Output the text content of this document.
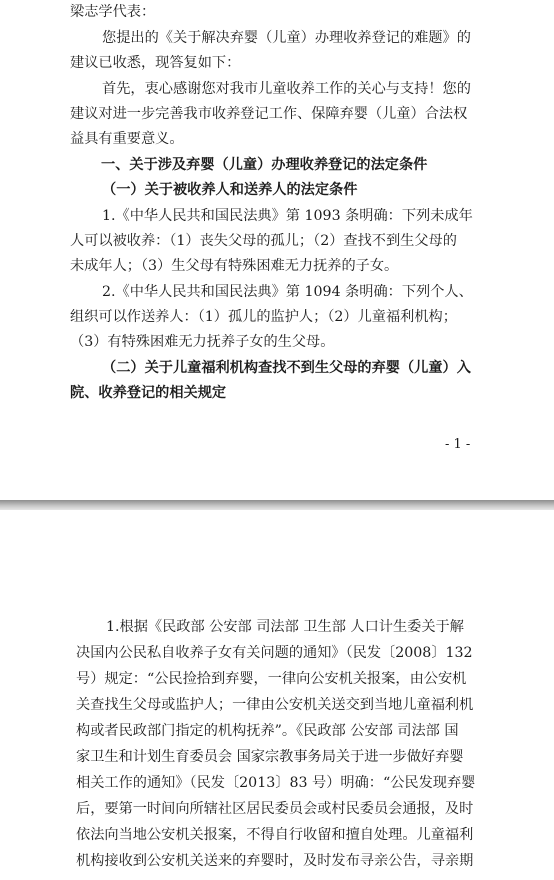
梁志学代表：
您提出的《关于解决弃婴（儿童）办理收养登记的难题》的
建议已收悉，现答复如下：
首先，衷心感谢您对我市儿童收养工作的关心与支持！您的
建议对进一步完善我市收养登记工作、保障弃婴（儿童）合法权
益具有重要意义。
一、关于涉及弃婴（儿童）办理收养登记的法定条件
（一）关于被收养人和送养人的法定条件
1.《中华人民共和国民法典》第 1093 条明确：下列未成年
人可以被收养：（1）丧失父母的孤儿；（2）查找不到生父母的
未成年人；（3）生父母有特殊困难无力抚养的子女。
2.《中华人民共和国民法典》第 1094 条明确：下列个人、
组织可以作送养人：（1）孤儿的监护人；（2）儿童福利机构；
（3）有特殊困难无力抚养子女的生父母。
（二）关于儿童福利机构查找不到生父母的弃婴（儿童）入
院、收养登记的相关规定
- 1 -
1.根据《民政部 公安部 司法部 卫生部 人口计生委关于解
决国内公民私自收养子女有关问题的通知》（民发〔2008〕132
号）规定：“公民捡拾到弃婴，一律向公安机关报案，由公安机
关查找生父母或监护人；一律由公安机关送交到当地儿童福利机
构或者民政部门指定的机构抚养”。《民政部 公安部 司法部 国
家卫生和计划生育委员会 国家宗教事务局关于进一步做好弃婴
相关工作的通知》（民发〔2013〕83 号）明确：“公民发现弃婴
后，要第一时间向所辖社区居民委员会或村民委员会通报，及时
依法向当地公安机关报案，不得自行收留和擅自处理。儿童福利
机构接收到公安机关送来的弃婴时，及时发布寻亲公告，寻亲期
